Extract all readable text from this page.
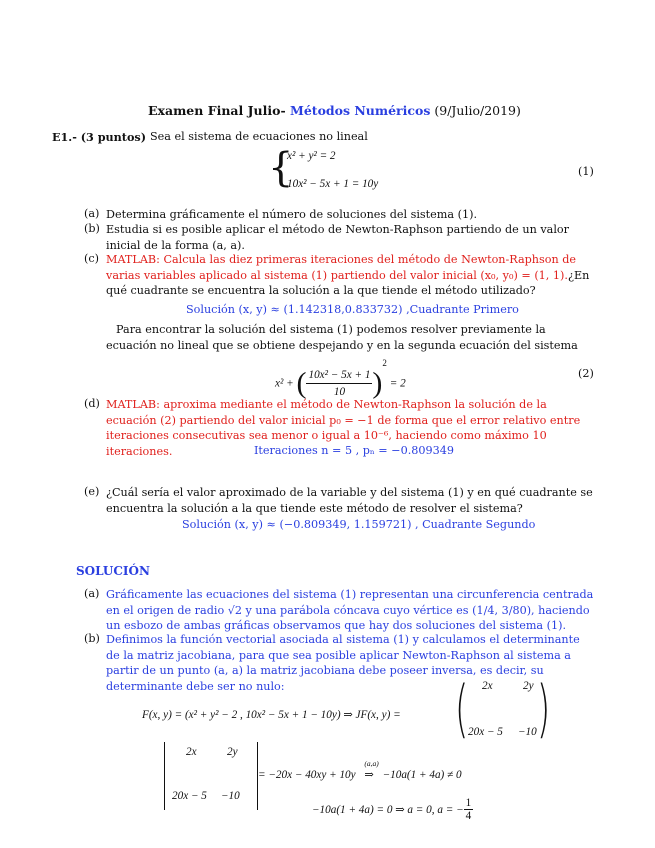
Examen Final Julio- Métodos Numéricos (9/Julio/2019)
E1.- (3 puntos) Sea el sistema de ecuaciones no lineal
{
x² + y² = 2
10x² − 5x + 1 = 10y
(1)
(a) Determina gráficamente el número de soluciones del sistema (1).
(b) Estudia si es posible aplicar el método de Newton-Raphson partiendo de un valor inicial de la forma (a, a).
(c) MATLAB: Calcula las diez primeras iteraciones del método de Newton-Raphson de varias variables aplicado al sistema (1) partiendo del valor inicial (x₀, y₀) = (1, 1).¿En qué cuadrante se encuentra la solución a la que tiende el método utilizado?
Solución (x, y) ≈ (1.142318,0.833732) ,Cuadrante Primero
Para encontrar la solución del sistema (1) podemos resolver previamente la ecuación no lineal que se obtiene despejando y en la segunda ecuación del sistema
x² + ( $\frac{\text{10x² − 5x + 1}}{10} )^2 = 2$
(2)
(d) MATLAB: aproxima mediante el método de Newton-Raphson la solución de la ecuación (2) partiendo del valor inicial p₀ = −1 de forma que el error relativo entre iteraciones consecutivas sea menor o igual a 10⁻⁶, haciendo como máximo 10 iteraciones.	Iteraciones n = 5 , pₙ = −0.809349
(e) ¿Cuál sería el valor aproximado de la variable y del sistema (1) y en qué cuadrante se encuentra la solución a la que tiende este método de resolver el sistema?
Solución (x, y) ≈ (−0.809349, 1.159721) , Cuadrante Segundo
SOLUCIÓN
(a) Gráficamente las ecuaciones del sistema (1) representan una circunferencia centrada en el origen de radio √2 y una parábola cóncava cuyo vértice es (1/4, 3/80), haciendo un esbozo de ambas gráficas observamos que hay dos soluciones del sistema (1).
(b) Definimos la función vectorial asociada al sistema (1) y calculamos el determinante de la matriz jacobiana, para que sea posible aplicar Newton-Raphson al sistema a partir de un punto (a, a) la matriz jacobiana debe poseer inversa, es decir, su determinante debe ser no nulo:
F(x, y) = (x² + y² − 2 , 10x² − 5x + 1 − 10y) ⇒ JF(x, y) = ( )
2x	2y
20x − 5 −10
2x	2y
20x − 5 −10
= −20x − 40xy + 10y
(a,a)
⇒ −10a(1 + 4a) ≠ 0
−10a(1 + 4a) = 0 ⇒ a = 0, a = − $\frac{1}{4}$
